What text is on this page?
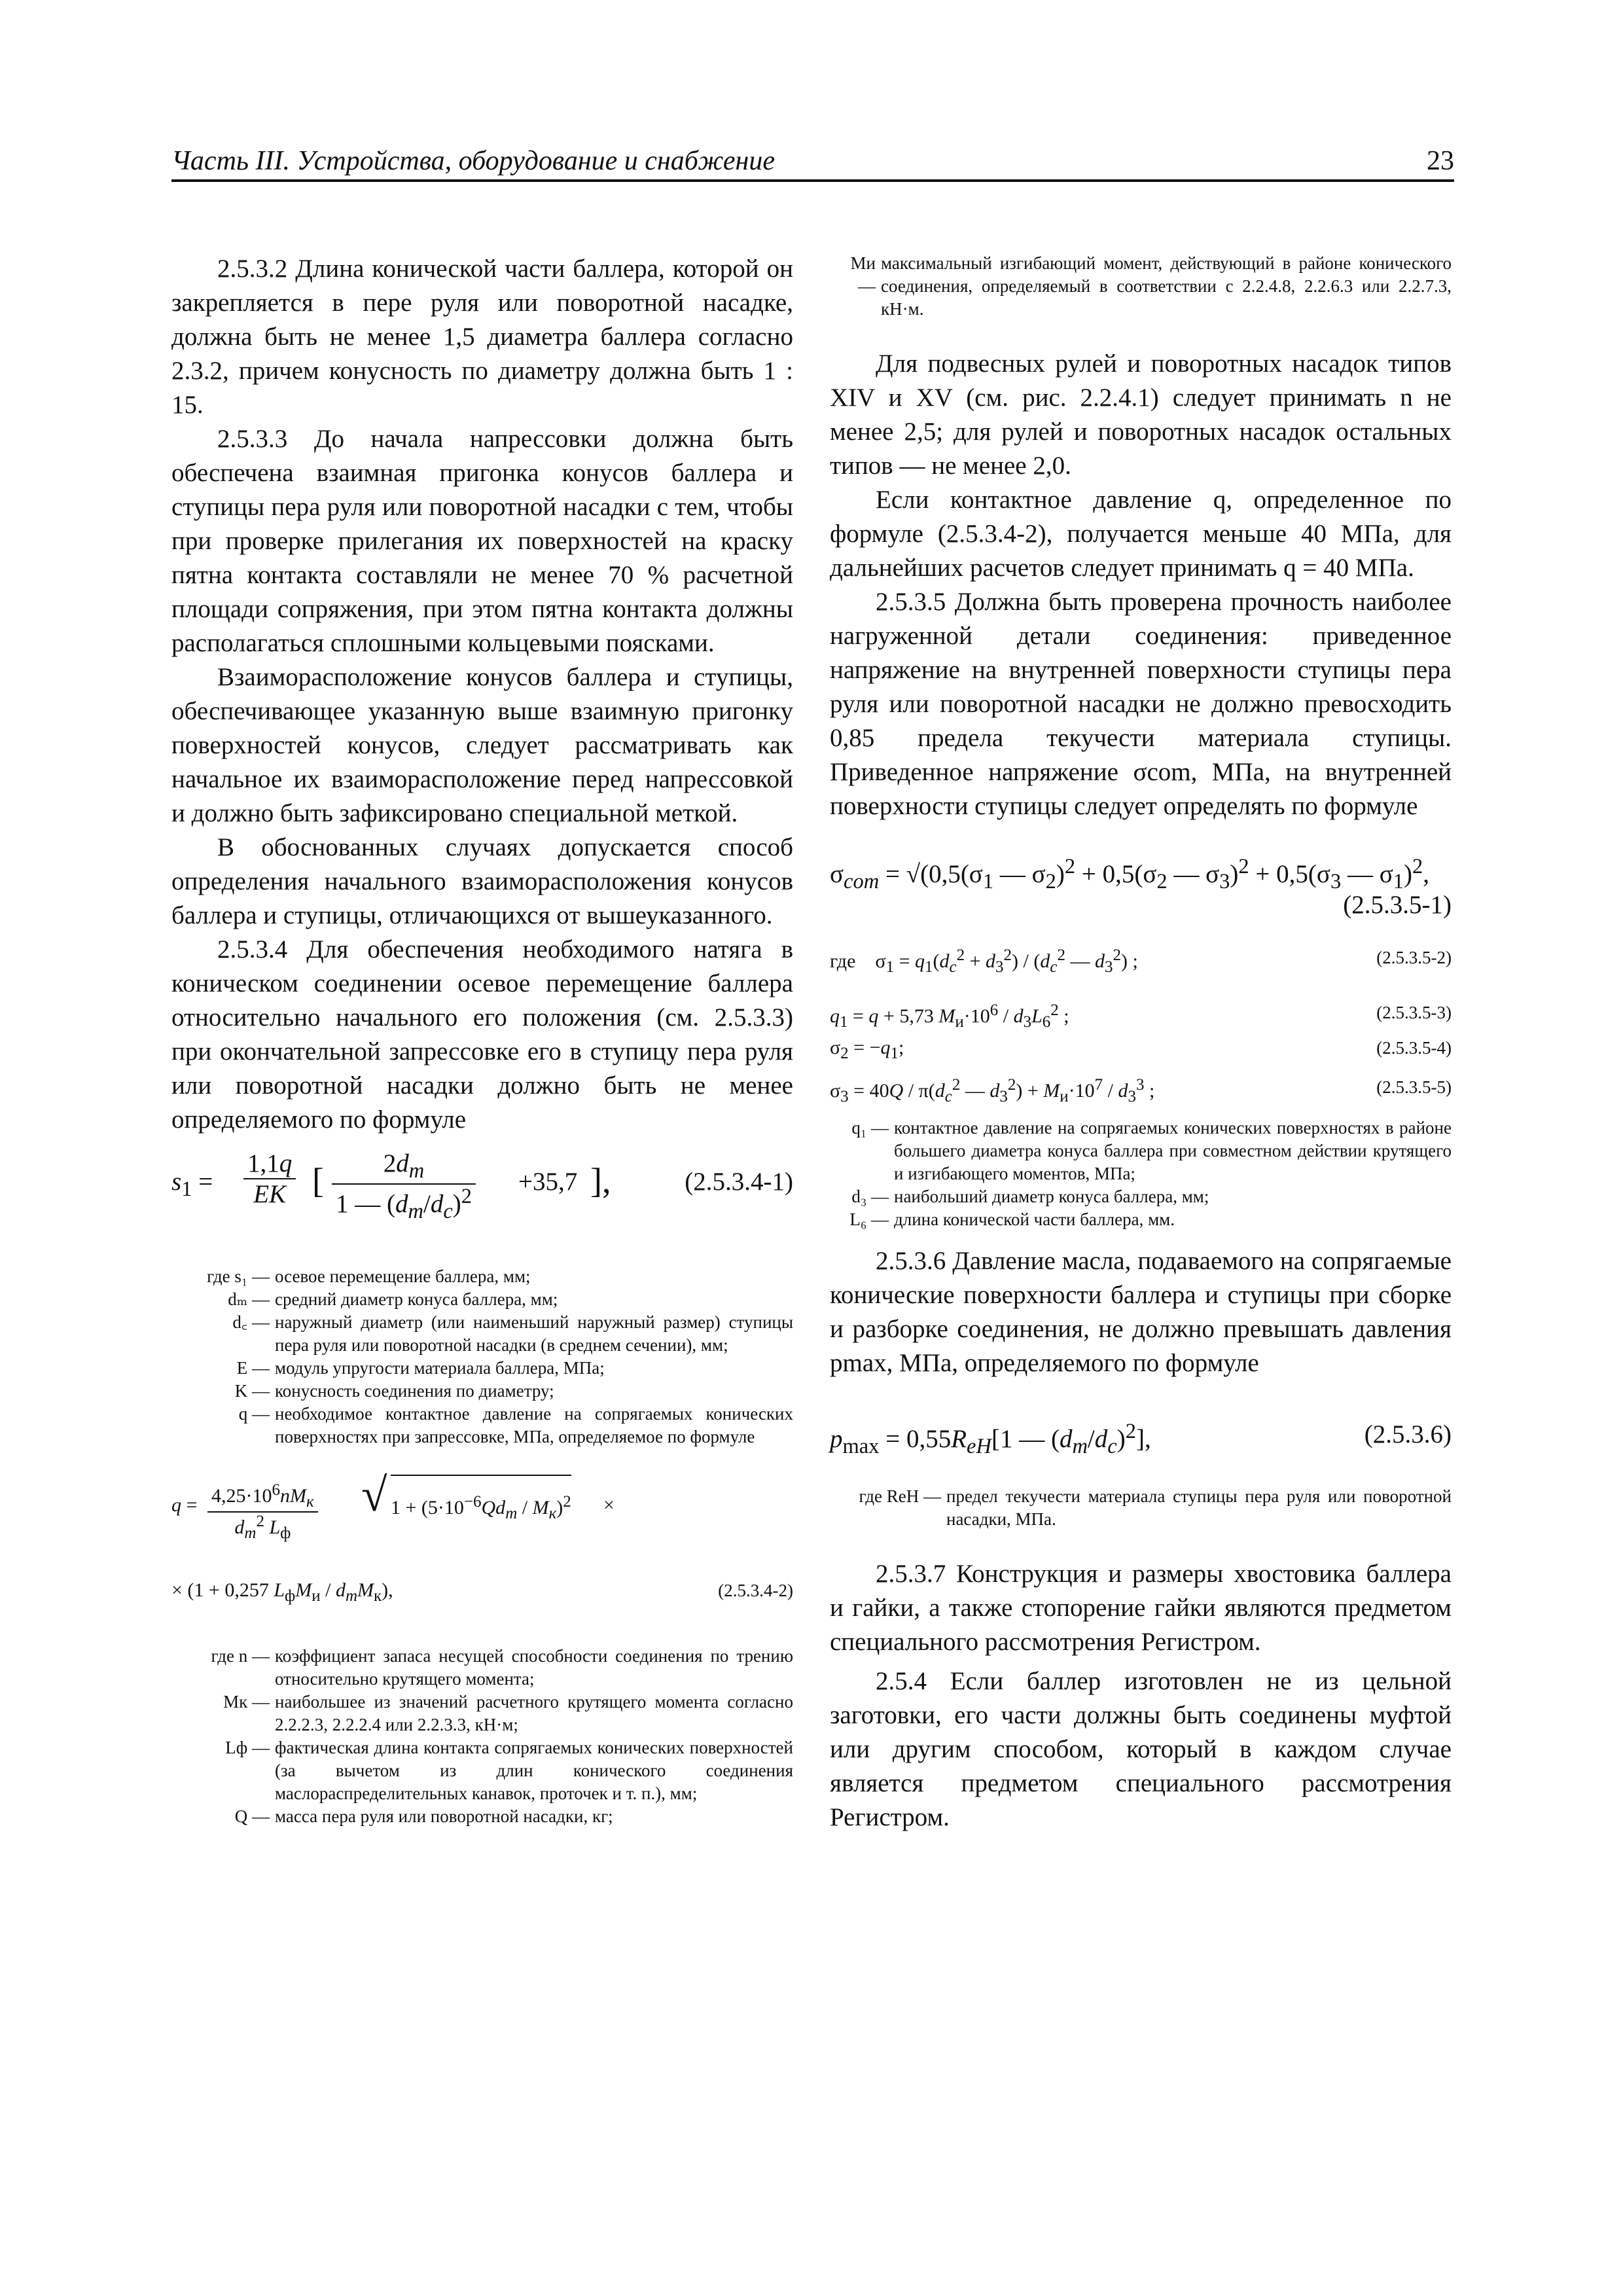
Часть III. Устройства, оборудование и снабжение	23

2.5.3.2 Длина конической части баллера, которой он закрепляется в пере руля или поворотной насадке, должна быть не менее 1,5 диаметра баллера согласно 2.3.2, причем конусность по диаметру должна быть 1 : 15.

2.5.3.3 До начала напрессовки должна быть обеспечена взаимная пригонка конусов баллера и ступицы пера руля или поворотной насадки с тем, чтобы при проверке прилегания их поверхностей на краску пятна контакта составляли не менее 70 % расчетной площади сопряжения, при этом пятна контакта должны располагаться сплошными кольцевыми поясками.

Взаиморасположение конусов баллера и ступицы, обеспечивающее указанную выше взаимную пригонку поверхностей конусов, следует рассматривать как начальное их взаиморасположение перед напрессовкой и должно быть зафиксировано специальной меткой.

В обоснованных случаях допускается способ определения начального взаиморасположения конусов баллера и ступицы, отличающихся от вышеуказанного.

2.5.3.4 Для обеспечения необходимого натяга в коническом соединении осевое перемещение баллера относительно начального его положения (см. 2.5.3.3) при окончательной запрессовке его в ступицу пера руля или поворотной насадки должно быть не менее определяемого по формуле

$s_1 = \frac{1,1q}{EK}$ [ $\frac{2d_m}{1 — (d_m/d_c)^2} +35,7$ ],	(2.5.3.4-1)
где s₁ — осевое перемещение баллера, мм;
dₘ — средний диаметр конуса баллера, мм;
d꜀ — наружный диаметр (или наименьший наружный размер) ступицы пера руля или поворотной насадки (в среднем сечении), мм;
E — модуль упругости материала баллера, МПа;
K — конусность соединения по диаметру;
q — необходимое контактное давление на сопрягаемых конических поверхностях при запрессовке, МПа, определяемое по формуле
$q = 4,25\cdot 10^6nM_к$
$d_m^2$ $L_ф$
√ $1 + (5\cdot 10^{-6}Qd_m / M_к)^2$ ×
× (1 + 0,257 $L_фM_и / d_mM_к$),	(2.5.3.4-2)
где n — коэффициент запаса несущей способности соединения по трению относительно крутящего момента;
Mк — наибольшее из значений расчетного крутящего момента согласно 2.2.2.3, 2.2.2.4 или 2.2.3.3, кН·м;
Lф — фактическая длина контакта сопрягаемых конических поверхностей (за вычетом из длин конического соединения маслораспределительных канавок, проточек и т. п.), мм;
Q — масса пера руля или поворотной насадки, кг;
Mи —
максимальный изгибающий момент, действующий в районе конического соединения, определяемый в соответствии с 2.2.4.8, 2.2.6.3 или 2.2.7.3, кН·м.

Для подвесных рулей и поворотных насадок типов XIV и XV (см. рис. 2.2.4.1) следует принимать n не менее 2,5; для рулей и поворотных насадок остальных типов — не менее 2,0.

Если контактное давление q, определенное по формуле (2.5.3.4-2), получается меньше 40 МПа, для дальнейших расчетов следует принимать q = 40 МПа.

2.5.3.5 Должна быть проверена прочность наиболее нагруженной детали соединения: приведенное напряжение на внутренней поверхности ступицы пера руля или поворотной насадки не должно превосходить 0,85 предела текучести материала ступицы. Приведенное напряжение σcom, МПа, на внутренней поверхности ступицы следует определять по формуле

$\sigma_{com} = √(0,5(\sigma_1$ — $\sigma_2)^2 + 0,5(\sigma_2$ — $\sigma_3)^2 + 0,5(\sigma_3$ — $\sigma_1)^2$,
(2.5.3.5-1)
где    $\sigma_1 = q_1(d_c^2 + d_3^2) / (d_c^2$ — $d_3^2$) ;	(2.5.3.5-2)
$q_1 = q + 5,73$ $M_и\cdot 10^6 / d_3L_6^2$ ;	(2.5.3.5-3)
$\sigma_2 = -q_1$;	(2.5.3.5-4)
$\sigma_3 = 40Q / \pi(d_c^2$ — $d_3^2) + M_и\cdot 10^7 / d_3^3$ ;	(2.5.3.5-5)
q₁ — контактное давление на сопрягаемых конических поверхностях в районе большего диаметра конуса баллера при совместном действии крутящего и изгибающего моментов, МПа;
d₃ — наибольший диаметр конуса баллера, мм;
L₆ — длина конической части баллера, мм.

2.5.3.6 Давление масла, подаваемого на сопрягаемые конические поверхности баллера и ступицы при сборке и разборке соединения, не должно превышать давления pmax, МПа, определяемого по формуле

$p_{max} = 0,55R_{eH}[1$ — $(d_m/d_c)^2$],	(2.5.3.6)
где ReH — предел текучести материала ступицы пера руля или поворотной насадки, МПа.

2.5.3.7 Конструкция и размеры хвостовика баллера и гайки, а также стопорение гайки являются предметом специального рассмотрения Регистром.

2.5.4 Если баллер изготовлен не из цельной заготовки, его части должны быть соединены муфтой или другим способом, который в каждом случае является предметом специального рассмотрения Регистром.
